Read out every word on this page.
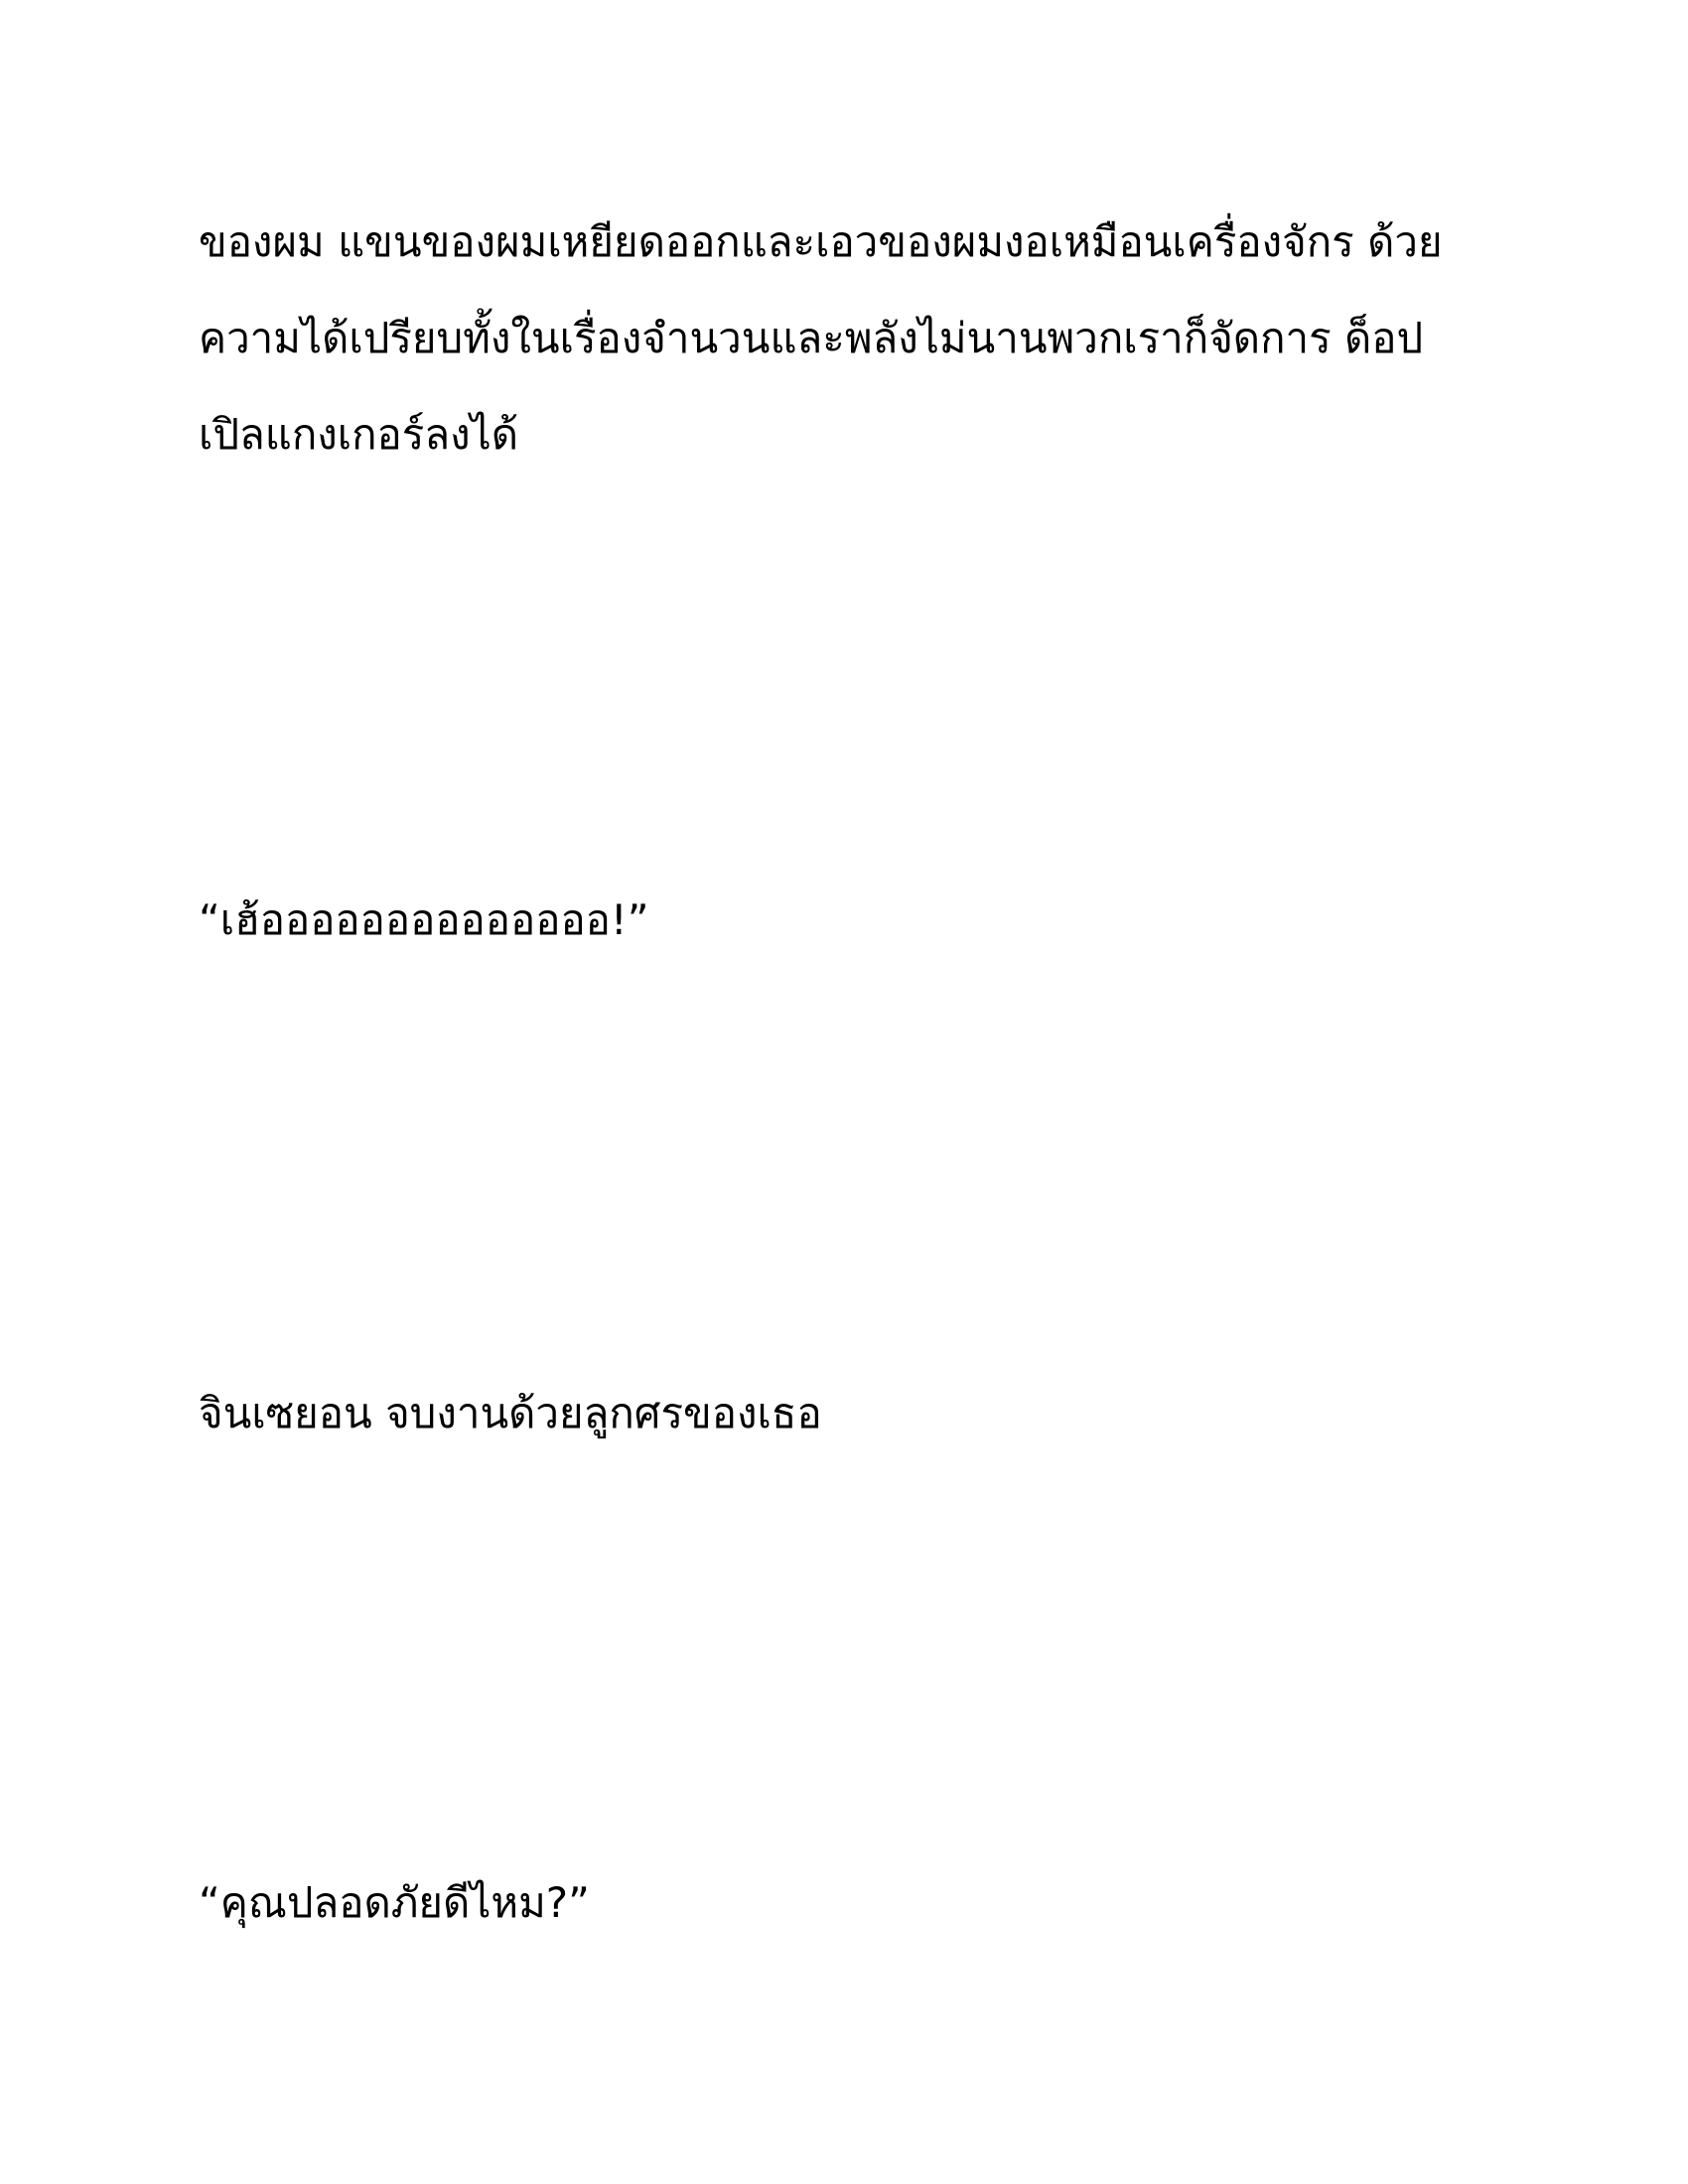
ของผม แขนของผมเหยียดออกและเอวของผมงอเหมือนเครื่องจักร ด้วย
ความได้เปรียบทั้งในเรื่องจำนวนและพลังไม่นานพวกเราก็จัดการ ด็อป
เปิลแกงเกอร์ลงได้

“เฮ้ออออออออออออออ!”

จินเซยอน จบงานด้วยลูกศรของเธอ

“คุณปลอดภัยดีไหม?”
